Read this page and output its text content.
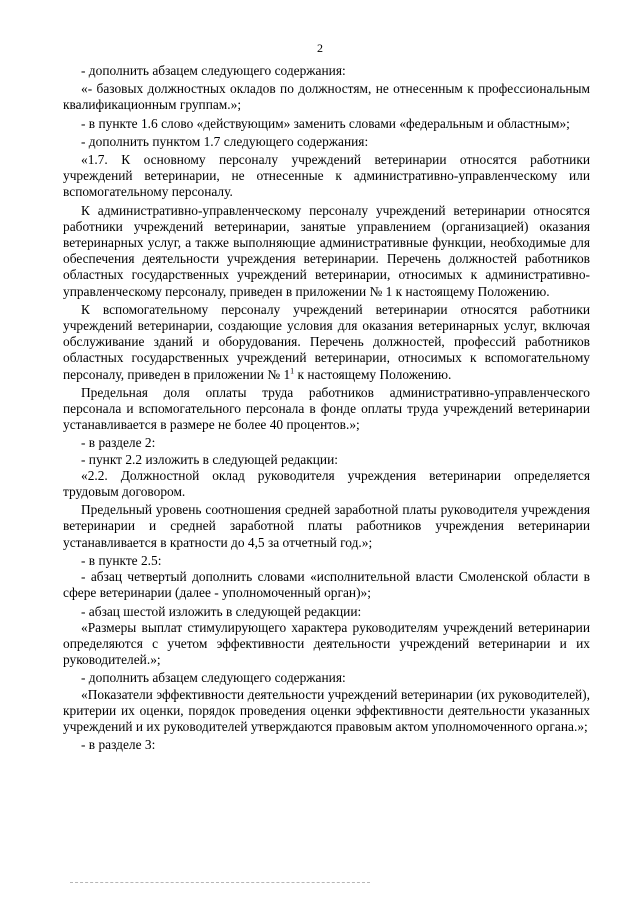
2

- дополнить абзацем следующего содержания:

«- базовых должностных окладов по должностям, не отнесенным к профессиональным квалификационным группам.»;

- в пункте 1.6 слово «действующим» заменить словами «федеральным и областным»;

- дополнить пунктом 1.7 следующего содержания:

«1.7. К основному персоналу учреждений ветеринарии относятся работники учреждений ветеринарии, не отнесенные к административно-управленческому или вспомогательному персоналу.

К административно-управленческому персоналу учреждений ветеринарии относятся работники учреждений ветеринарии, занятые управлением (организацией) оказания ветеринарных услуг, а также выполняющие административные функции, необходимые для обеспечения деятельности учреждения ветеринарии. Перечень должностей работников областных государственных учреждений ветеринарии, относимых к административно-управленческому персоналу, приведен в приложении № 1 к настоящему Положению.

К вспомогательному персоналу учреждений ветеринарии относятся работники учреждений ветеринарии, создающие условия для оказания ветеринарных услуг, включая обслуживание зданий и оборудования. Перечень должностей, профессий работников областных государственных учреждений ветеринарии, относимых к вспомогательному персоналу, приведен в приложении № $1^1$ к настоящему Положению.

Предельная доля оплаты труда работников административно-управленческого персонала и вспомогательного персонала в фонде оплаты труда учреждений ветеринарии устанавливается в размере не более 40 процентов.»;

- в разделе 2:

- пункт 2.2 изложить в следующей редакции:

«2.2. Должностной оклад руководителя учреждения ветеринарии определяется трудовым договором.

Предельный уровень соотношения средней заработной платы руководителя учреждения ветеринарии и средней заработной платы работников учреждения ветеринарии устанавливается в кратности до 4,5 за отчетный год.»;

- в пункте 2.5:

- абзац четвертый дополнить словами «исполнительной власти Смоленской области в сфере ветеринарии (далее - уполномоченный орган)»;

- абзац шестой изложить в следующей редакции:

«Размеры выплат стимулирующего характера руководителям учреждений ветеринарии определяются с учетом эффективности деятельности учреждений ветеринарии и их руководителей.»;

- дополнить абзацем следующего содержания:

«Показатели эффективности деятельности учреждений ветеринарии (их руководителей), критерии их оценки, порядок проведения оценки эффективности деятельности указанных учреждений и их руководителей утверждаются правовым актом уполномоченного органа.»;

- в разделе 3:
